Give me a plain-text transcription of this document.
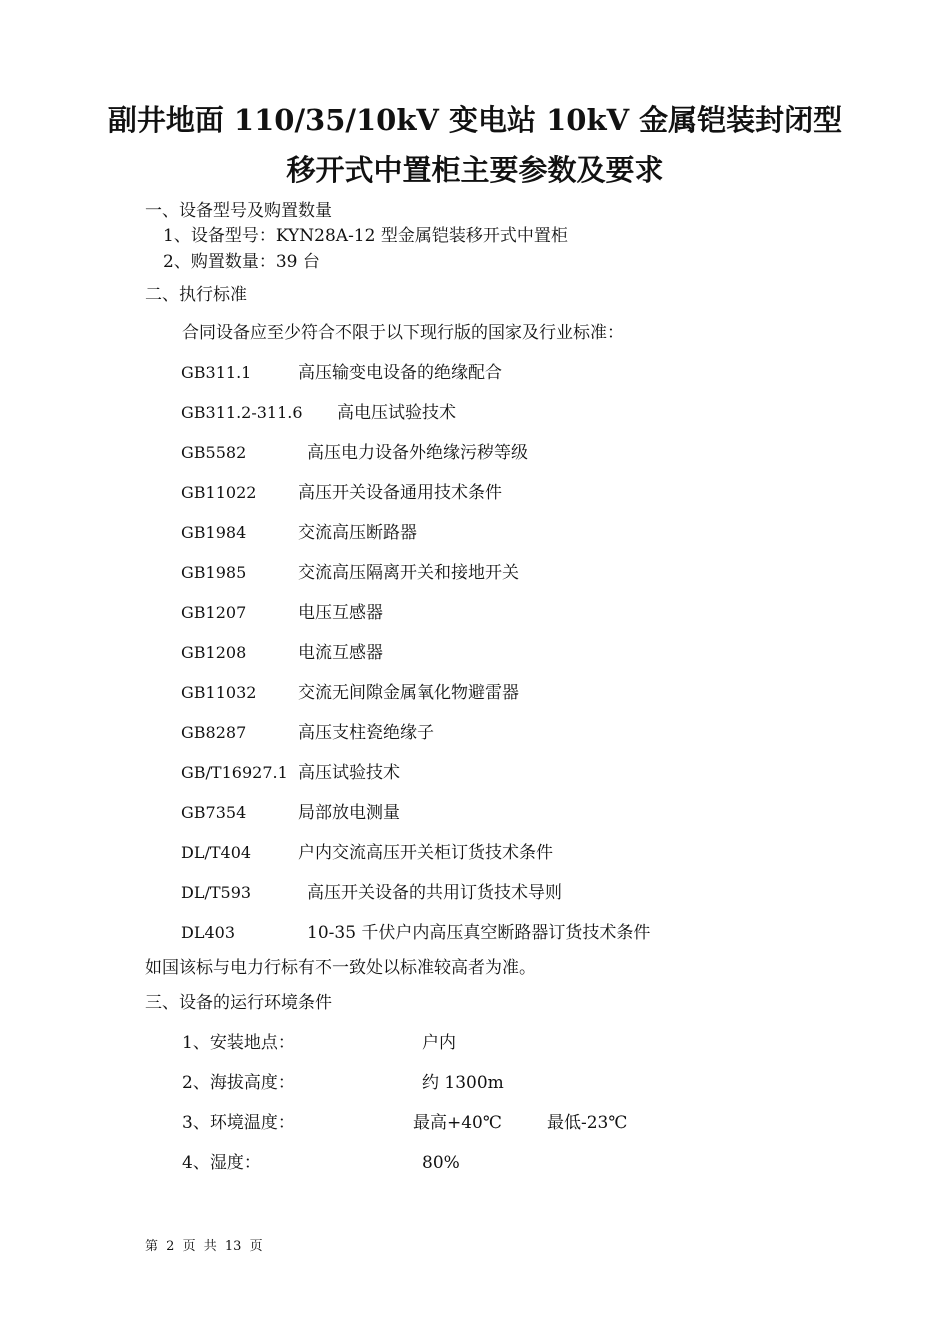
副井地面 110/35/10kV 变电站 10kV 金属铠装封闭型
移开式中置柜主要参数及要求
一、设备型号及购置数量
1、设备型号：KYN28A-12 型金属铠装移开式中置柜
2、购置数量：39 台
二、执行标准
合同设备应至少符合不限于以下现行版的国家及行业标准：
GB311.1	高压输变电设备的绝缘配合
GB311.2-311.6 高电压试验技术
GB5582	高压电力设备外绝缘污秽等级
GB11022 高压开关设备通用技术条件
GB1984	交流高压断路器
GB1985	交流高压隔离开关和接地开关
GB1207	电压互感器
GB1208	电流互感器
GB11032 交流无间隙金属氧化物避雷器
GB8287	高压支柱瓷绝缘子
GB/T16927.1 高压试验技术
GB7354	局部放电测量
DL/T404	户内交流高压开关柜订货技术条件
DL/T593	高压开关设备的共用订货技术导则
DL403	10-35 千伏户内高压真空断路器订货技术条件
如国该标与电力行标有不一致处以标准较高者为准。
三、设备的运行环境条件
1、安装地点：	户内
2、海拔高度：	约 1300m
3、环境温度：	最高+40℃	最低-23℃
4、湿度：	80%
第 2 页 共 13 页
